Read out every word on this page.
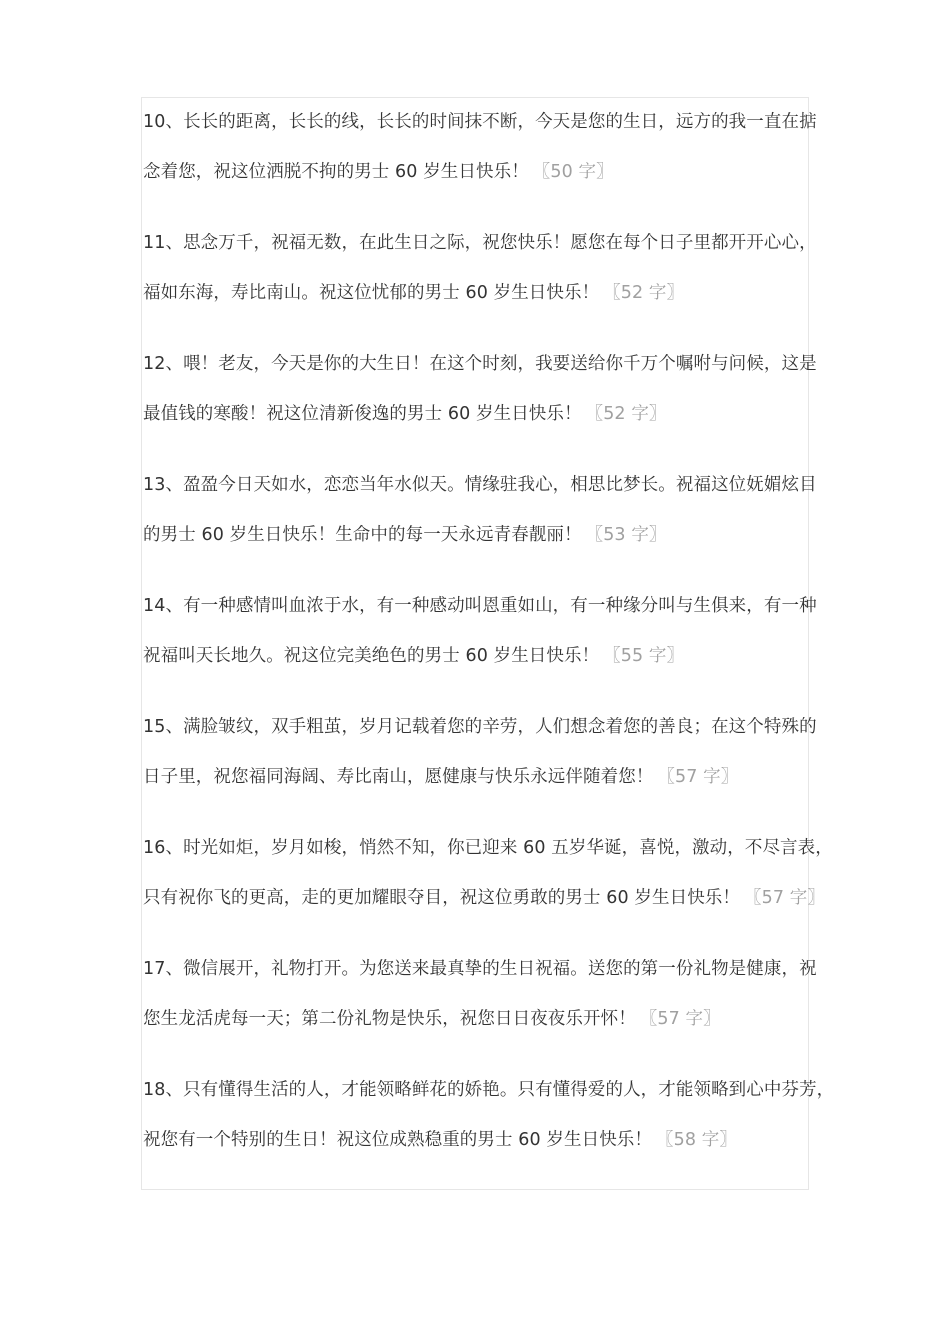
10、长长的距离，长长的线，长长的时间抹不断，今天是您的生日，远方的我一直在掂
念着您，祝这位洒脱不拘的男士 60 岁生日快乐！ 〖50 字〗
11、思念万千，祝福无数，在此生日之际，祝您快乐！愿您在每个日子里都开开心心，
福如东海，寿比南山。祝这位忧郁的男士 60 岁生日快乐！ 〖52 字〗
12、喂！老友，今天是你的大生日！在这个时刻，我要送给你千万个嘱咐与问候，这是
最值钱的寒酸！祝这位清新俊逸的男士 60 岁生日快乐！ 〖52 字〗
13、盈盈今日天如水，恋恋当年水似天。情缘驻我心，相思比梦长。祝福这位妩媚炫目
的男士 60 岁生日快乐！生命中的每一天永远青春靓丽！ 〖53 字〗
14、有一种感情叫血浓于水，有一种感动叫恩重如山，有一种缘分叫与生俱来，有一种
祝福叫天长地久。祝这位完美绝色的男士 60 岁生日快乐！ 〖55 字〗
15、满脸皱纹，双手粗茧，岁月记载着您的辛劳，人们想念着您的善良；在这个特殊的
日子里，祝您福同海阔、寿比南山，愿健康与快乐永远伴随着您！ 〖57 字〗
16、时光如炬，岁月如梭，悄然不知，你已迎来 60 五岁华诞，喜悦，激动，不尽言表，
只有祝你飞的更高，走的更加耀眼夺目，祝这位勇敢的男士 60 岁生日快乐！ 〖57 字〗
17、微信展开，礼物打开。为您送来最真挚的生日祝福。送您的第一份礼物是健康，祝
您生龙活虎每一天；第二份礼物是快乐，祝您日日夜夜乐开怀！ 〖57 字〗
18、只有懂得生活的人，才能领略鲜花的娇艳。只有懂得爱的人，才能领略到心中芬芳，
祝您有一个特别的生日！祝这位成熟稳重的男士 60 岁生日快乐！ 〖58 字〗
